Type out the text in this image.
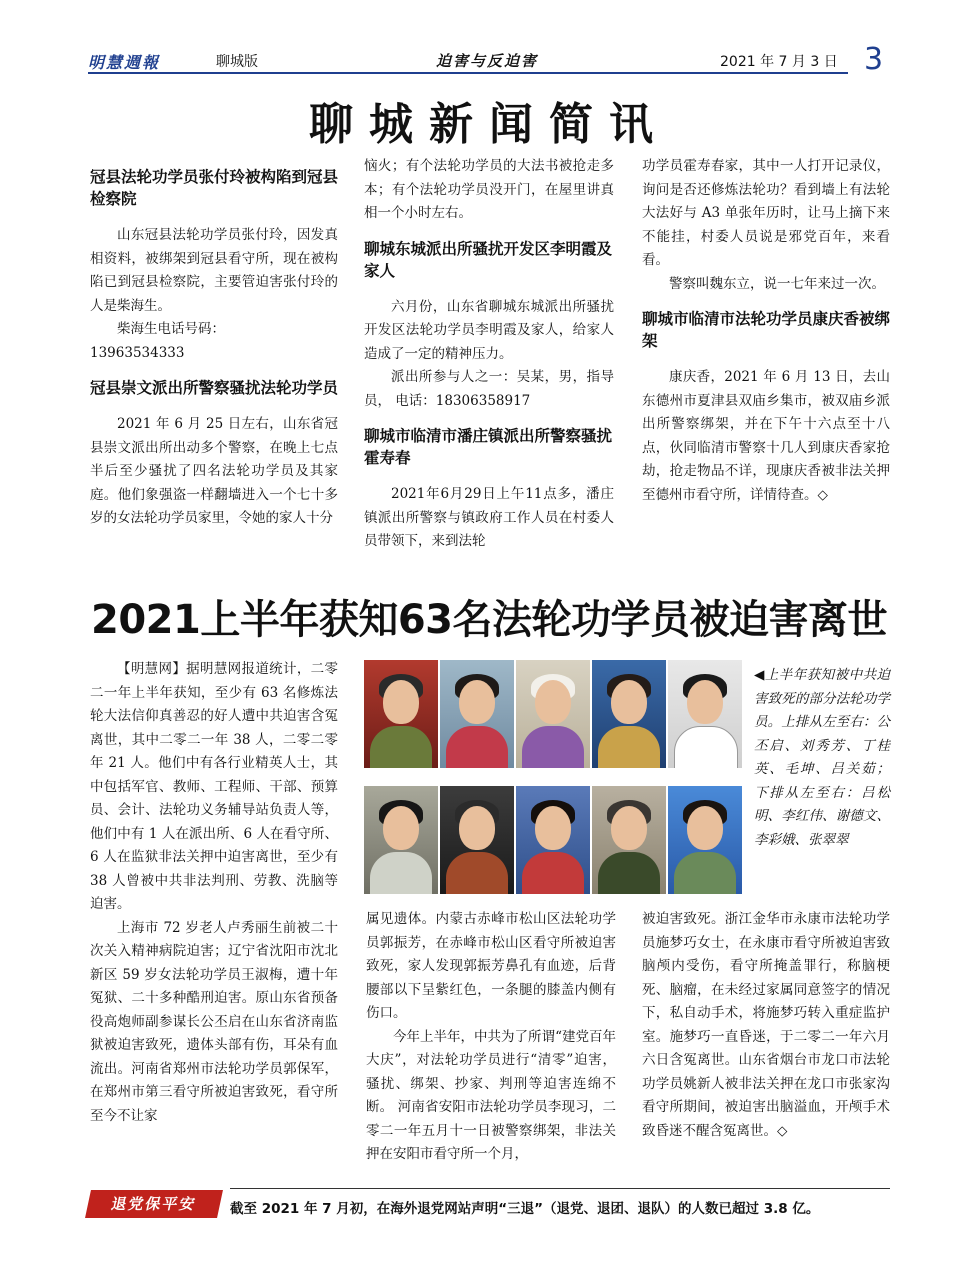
明慧週報	聊城版	迫害与反迫害	2021 年 7 月 3 日 3
聊城新闻简讯
冠县法轮功学员张付玲被构陷到冠县检察院

山东冠县法轮功学员张付玲，因发真相资料，被绑架到冠县看守所，现在被构陷已到冠县检察院，主要管迫害张付玲的人是柴海生。

柴海生电话号码：

13963534333

冠县崇文派出所警察骚扰法轮功学员

2021 年 6 月 25 日左右，山东省冠县崇文派出所出动多个警察，在晚上七点半后至少骚扰了四名法轮功学员及其家庭。他们象强盗一样翻墙进入一个七十多岁的女法轮功学员家里，令她的家人十分

恼火；有个法轮功学员的大法书被抢走多本；有个法轮功学员没开门，在屋里讲真相一个小时左右。

聊城东城派出所骚扰开发区李明霞及家人

六月份，山东省聊城东城派出所骚扰开发区法轮功学员李明霞及家人，给家人造成了一定的精神压力。

派出所参与人之一：吴某，男，指导员， 电话：18306358917

聊城市临清市潘庄镇派出所警察骚扰霍寿春

2021年6月29日上午11点多，潘庄镇派出所警察与镇政府工作人员在村委人员带领下，来到法轮

功学员霍寿春家，其中一人打开记录仪，询问是否还修炼法轮功？看到墙上有法轮大法好与 A3 单张年历时，让马上摘下来不能挂，村委人员说是邪党百年，来看看。

警察叫魏东立，说一七年来过一次。

聊城市临清市法轮功学员康庆香被绑架

康庆香，2021 年 6 月 13 日，去山东德州市夏津县双庙乡集市，被双庙乡派出所警察绑架，并在下午十六点至十八点，伙同临清市警察十几人到康庆香家抢劫，抢走物品不详，现康庆香被非法关押至德州市看守所，详情待查。◇

2021上半年获知63名法轮功学员被迫害离世

【明慧网】据明慧网报道统计，二零二一年上半年获知，至少有 63 名修炼法轮大法信仰真善忍的好人遭中共迫害含冤离世，其中二零二一年 38 人，二零二零年 21 人。他们中有各行业精英人士，其中包括军官、教师、工程师、干部、预算员、会计、法轮功义务辅导站负责人等，他们中有 1 人在派出所、6 人在看守所、6 人在监狱非法关押中迫害离世，至少有 38 人曾被中共非法判刑、劳教、洗脑等迫害。

上海市 72 岁老人卢秀丽生前被二十次关入精神病院迫害；辽宁省沈阳市沈北新区 59 岁女法轮功学员王淑梅，遭十年冤狱、二十多种酷刑迫害。原山东省预备役高炮师副参谋长公丕启在山东省济南监狱被迫害致死，遗体头部有伤，耳朵有血流出。河南省郑州市法轮功学员郭保军，在郑州市第三看守所被迫害致死，看守所至今不让家

◀上半年获知被中共迫害致死的部分法轮功学员。上排从左至右：公丕启、刘秀芳、丁桂英、毛坤、吕关茹； 下排从左至右：吕松明、李红伟、谢德文、李彩娥、张翠翠

属见遗体。内蒙古赤峰市松山区法轮功学员郭振芳，在赤峰市松山区看守所被迫害致死，家人发现郭振芳鼻孔有血迹，后背腰部以下呈紫红色，一条腿的膝盖内侧有伤口。

今年上半年，中共为了所谓“建党百年大庆”，对法轮功学员进行“清零”迫害，骚扰、绑架、抄家、判刑等迫害连绵不断。 河南省安阳市法轮功学员李现习，二零二一年五月十一日被警察绑架，非法关押在安阳市看守所一个月，

被迫害致死。浙江金华市永康市法轮功学员施梦巧女士，在永康市看守所被迫害致脑颅内受伤，看守所掩盖罪行，称脑梗死、脑瘤，在未经过家属同意签字的情况下，私自动手术，将施梦巧转入重症监护室。施梦巧一直昏迷，于二零二一年六月六日含冤离世。山东省烟台市龙口市法轮功学员姚新人被非法关押在龙口市张家沟看守所期间，被迫害出脑溢血，开颅手术致昏迷不醒含冤离世。◇

退党保平安	截至 2021 年 7 月初，在海外退党网站声明“三退”（退党、退团、退队）的人数已超过 3.8 亿。
